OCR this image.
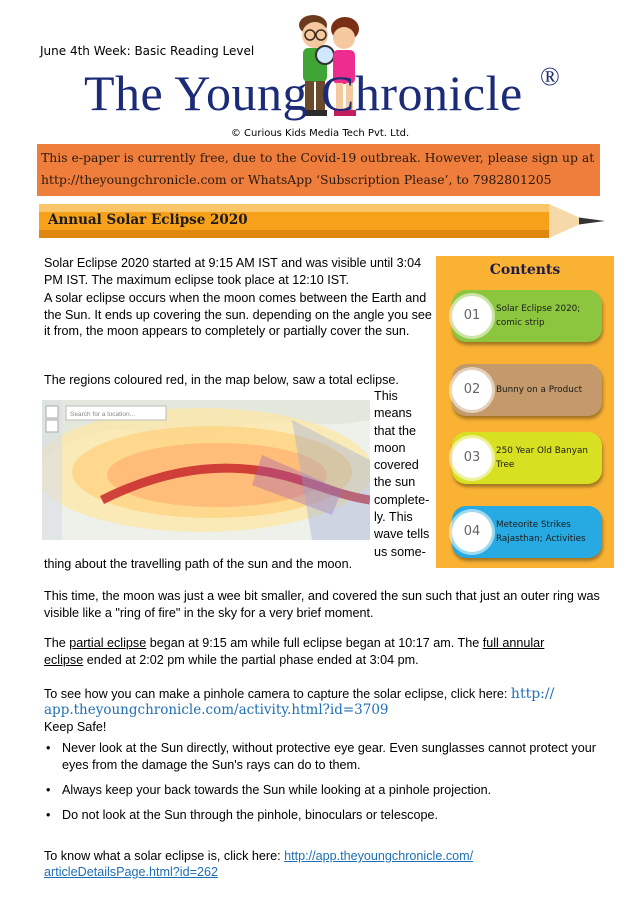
June 4th Week: Basic Reading Level
The Young Chronicle ®
© Curious Kids Media Tech Pvt. Ltd.
This e-paper is currently free, due to the Covid-19 outbreak. However, please sign up at
http://theyoungchronicle.com or WhatsApp ‘Subscription Please’, to 7982801205
Annual Solar Eclipse 2020
Solar Eclipse 2020 started at 9:15 AM IST and was visible until 3:04 PM IST. The maximum eclipse took place at 12:10 IST.
A solar eclipse occurs when the moon comes between the Earth and the Sun. It ends up covering the sun. depending on the angle you see it from, the moon appears to completely or partially cover the sun.
The regions coloured red, in the map below, saw a total eclipse.
Search for a location...
This
means
that the
moon
covered
the sun
complete-
ly. This
wave tells
us some-
thing about the travelling path of the sun and the moon.
Contents
01	Solar Eclipse 2020; comic strip
02	Bunny on a Product
03	250 Year Old Banyan Tree
04	Meteorite Strikes Rajasthan; Activities
This time, the moon was just a wee bit smaller, and covered the sun such that just an outer ring was visible like a "ring of fire" in the sky for a very brief moment.
The partial eclipse began at 9:15 am while full eclipse began at 10:17 am. The full annular
eclipse ended at 2:02 pm while the partial phase ended at 3:04 pm.
To see how you can make a pinhole camera to capture the solar eclipse, click here: http://
app.theyoungchronicle.com/activity.html?id=3709
Keep Safe!
• Never look at the Sun directly, without protective eye gear. Even sunglasses cannot protect your eyes from the damage the Sun's rays can do to them.
• Always keep your back towards the Sun while looking at a pinhole projection.
• Do not look at the Sun through the pinhole, binoculars or telescope.
To know what a solar eclipse is, click here: http://app.theyoungchronicle.com/
articleDetailsPage.html?id=262
